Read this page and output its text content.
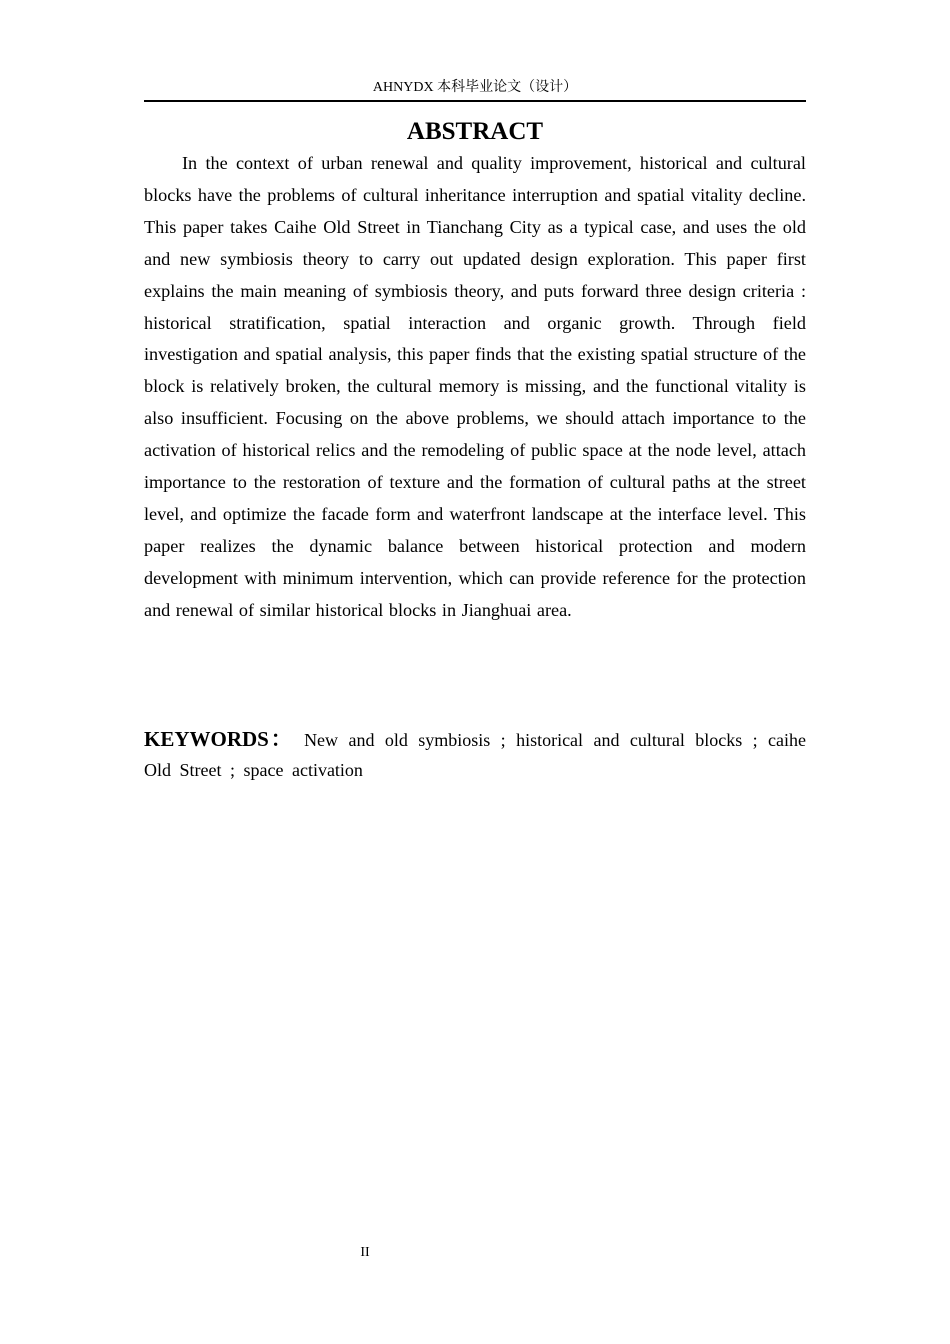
AHNYDX 本科毕业论文（设计）
ABSTRACT

In the context of urban renewal and quality improvement, historical and cultural blocks have the problems of cultural inheritance interruption and spatial vitality decline. This paper takes Caihe Old Street in Tianchang City as a typical case, and uses the old and new symbiosis theory to carry out updated design exploration. This paper first explains the main meaning of symbiosis theory, and puts forward three design criteria : historical stratification, spatial interaction and organic growth. Through field investigation and spatial analysis, this paper finds that the existing spatial structure of the block is relatively broken, the cultural memory is missing, and the functional vitality is also insufficient. Focusing on the above problems, we should attach importance to the activation of historical relics and the remodeling of public space at the node level, attach importance to the restoration of texture and the formation of cultural paths at the street level, and optimize the facade form and waterfront landscape at the interface level. This paper realizes the dynamic balance between historical protection and modern development with minimum intervention, which can provide reference for the protection and renewal of similar historical blocks in Jianghuai area.

KEYWORDS： New and old symbiosis ; historical and cultural blocks ; caihe Old Street ; space activation

II
